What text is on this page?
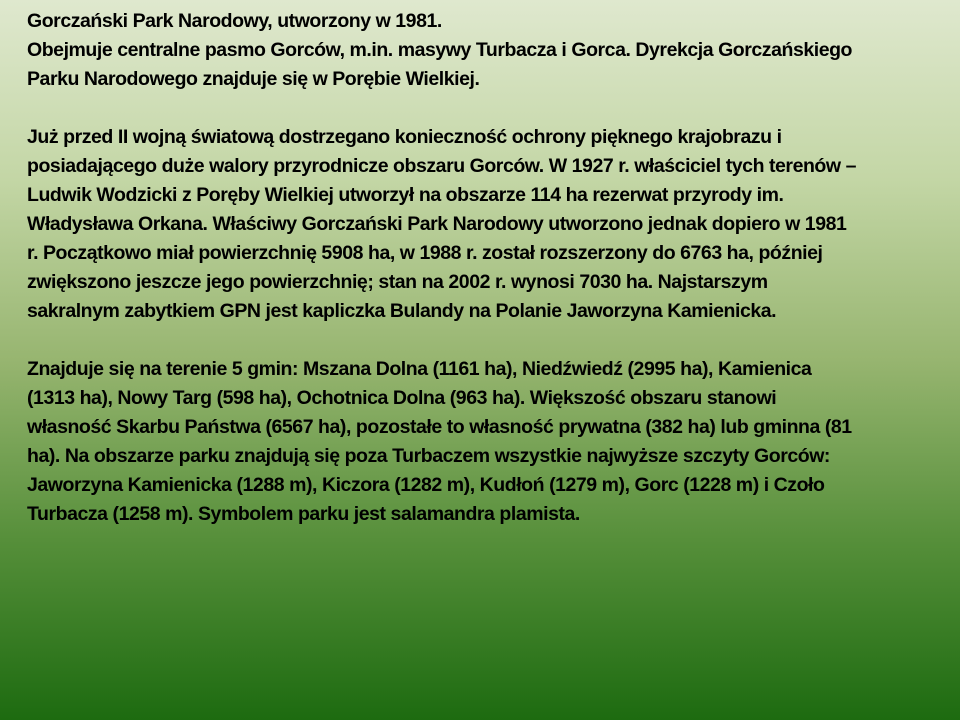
Gorczański Park Narodowy, utworzony w 1981.
Obejmuje centralne pasmo Gorców, m.in. masywy Turbacza i Gorca. Dyrekcja Gorczańskiego
Parku Narodowego znajduje się w Porębie Wielkiej.
Już przed II wojną światową dostrzegano konieczność ochrony pięknego krajobrazu i
posiadającego duże walory przyrodnicze obszaru Gorców. W 1927 r. właściciel tych terenów –
Ludwik Wodzicki z Poręby Wielkiej utworzył na obszarze 114 ha rezerwat przyrody im.
Władysława Orkana. Właściwy Gorczański Park Narodowy utworzono jednak dopiero w 1981
r. Początkowo miał powierzchnię 5908 ha, w 1988 r. został rozszerzony do 6763 ha, później
zwiększono jeszcze jego powierzchnię; stan na 2002 r. wynosi 7030 ha. Najstarszym
sakralnym zabytkiem GPN jest kapliczka Bulandy na Polanie Jaworzyna Kamienicka.
Znajduje się na terenie 5 gmin: Mszana Dolna (1161 ha), Niedźwiedź (2995 ha), Kamienica
(1313 ha), Nowy Targ (598 ha), Ochotnica Dolna (963 ha). Większość obszaru stanowi
własność Skarbu Państwa (6567 ha), pozostałe to własność prywatna (382 ha) lub gminna (81
ha). Na obszarze parku znajdują się poza Turbaczem wszystkie najwyższe szczyty Gorców:
Jaworzyna Kamienicka (1288 m), Kiczora (1282 m), Kudłoń (1279 m), Gorc (1228 m) i Czoło
Turbacza (1258 m). Symbolem parku jest salamandra plamista.
